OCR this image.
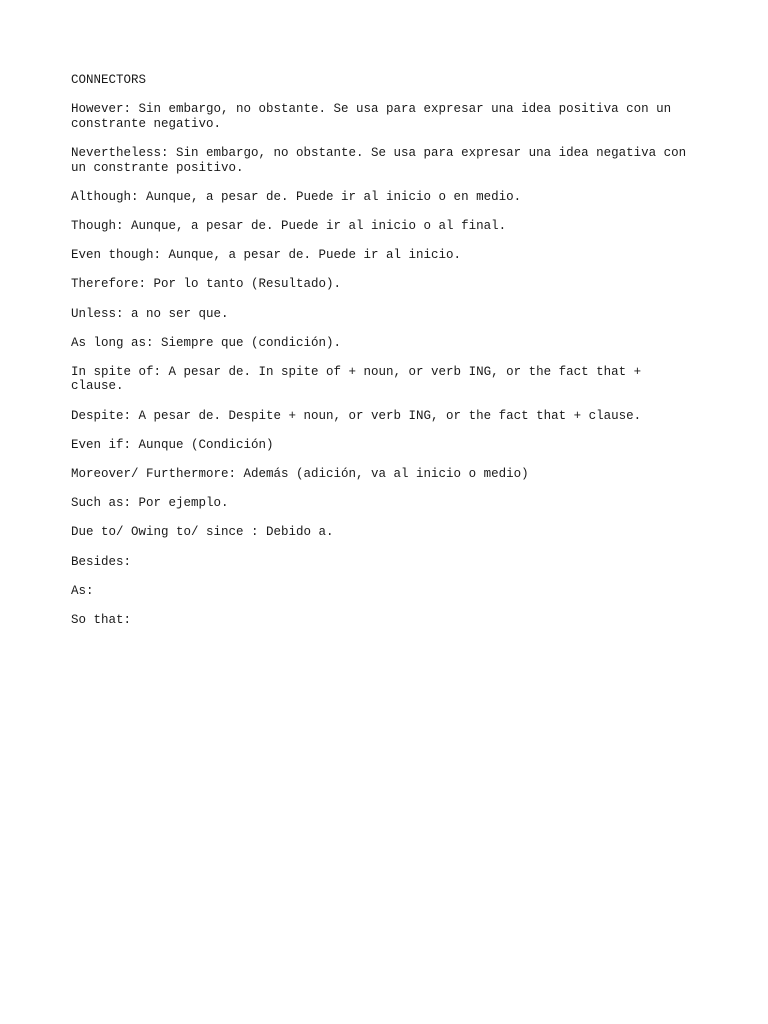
CONNECTORS

However: Sin embargo, no obstante. Se usa para expresar una idea positiva con un
constrante negativo.

Nevertheless: Sin embargo, no obstante. Se usa para expresar una idea negativa con
un constrante positivo.

Although: Aunque, a pesar de. Puede ir al inicio o en medio.

Though: Aunque, a pesar de. Puede ir al inicio o al final.

Even though: Aunque, a pesar de. Puede ir al inicio.

Therefore: Por lo tanto (Resultado).

Unless: a no ser que.

As long as: Siempre que (condición).

In spite of: A pesar de. In spite of + noun, or verb ING, or the fact that +
clause.

Despite: A pesar de. Despite + noun, or verb ING, or the fact that + clause.

Even if: Aunque (Condición)

Moreover/ Furthermore: Además (adición, va al inicio o medio)

Such as: Por ejemplo.

Due to/ Owing to/ since : Debido a.

Besides:

As:

So that:
